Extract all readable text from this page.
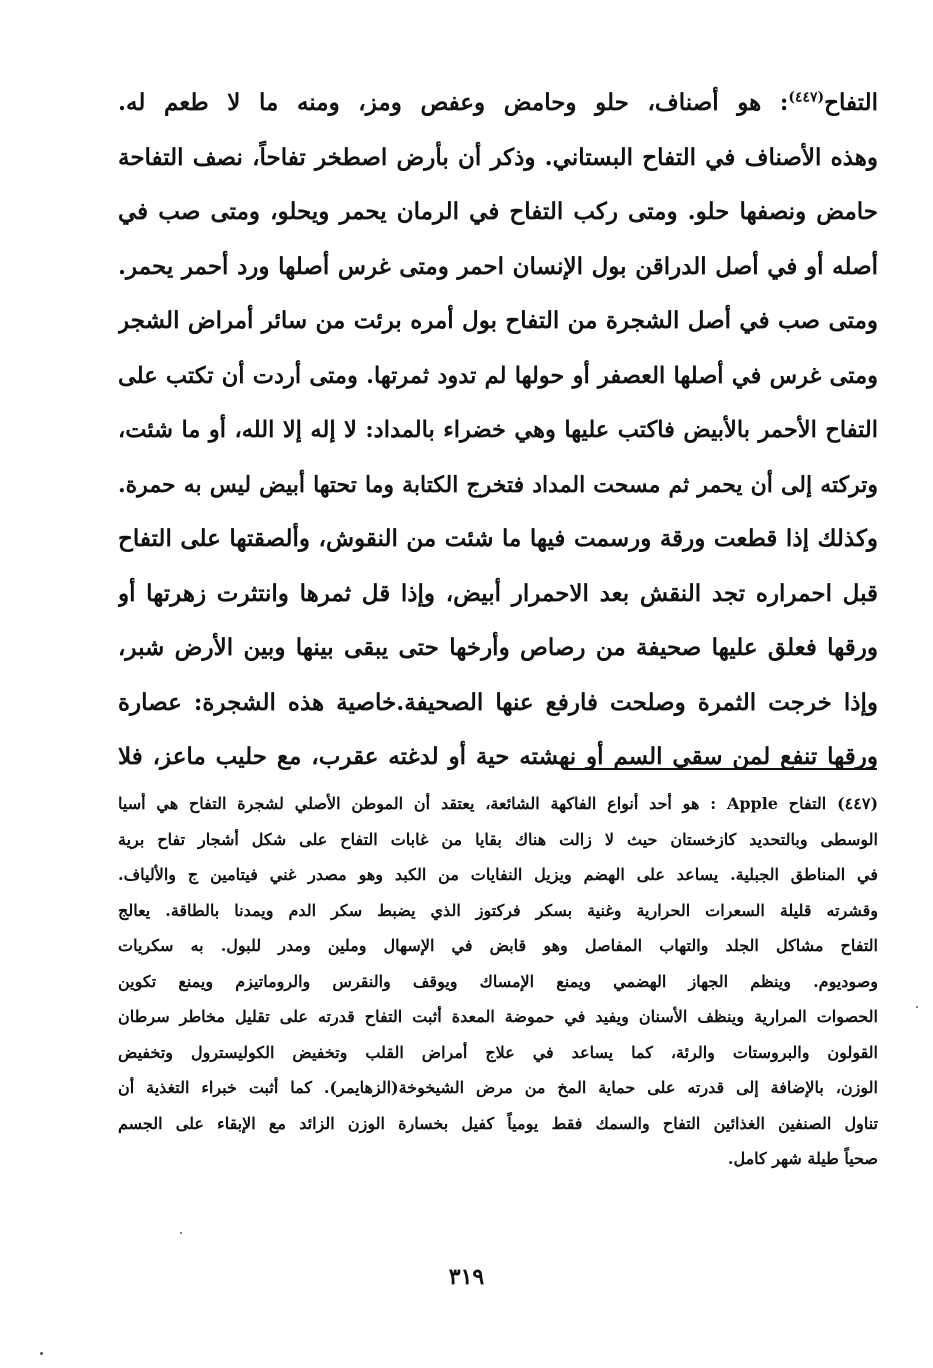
التفاح$^{(٤٤٧)}$: هو أصناف، حلو وحامض وعفص ومز، ومنه ما لا طعم له.
وهذه الأصناف في التفاح البستاني. وذكر أن بأرض اصطخر تفاحاً، نصف التفاحة
حامض ونصفها حلو. ومتى ركب التفاح في الرمان يحمر ويحلو، ومتى صب في
أصله أو في أصل الدراقن بول الإنسان احمر ومتى غرس أصلها ورد أحمر يحمر.
ومتى صب في أصل الشجرة من التفاح بول أمره برئت من سائر أمراض الشجر
ومتى غرس في أصلها العصفر أو حولها لم تدود ثمرتها. ومتى أردت أن تكتب على
التفاح الأحمر بالأبيض فاكتب عليها وهي خضراء بالمداد: لا إله إلا الله، أو ما شئت،
وتركته إلى أن يحمر ثم مسحت المداد فتخرج الكتابة وما تحتها أبيض ليس به حمرة.
وكذلك إذا قطعت ورقة ورسمت فيها ما شئت من النقوش، وألصقتها على التفاح
قبل احمراره تجد النقش بعد الاحمرار أبيض، وإذا قل ثمرها وانتثرت زهرتها أو
ورقها فعلق عليها صحيفة من رصاص وأرخها حتى يبقى بينها وبين الأرض شبر،
وإذا خرجت الثمرة وصلحت فارفع عنها الصحيفة.خاصية هذه الشجرة: عصارة
ورقها تنفع لمن سقي السم أو نهشته حية أو لدغته عقرب، مع حليب ماعز، فلا
(٤٤٧) التفاح Apple : هو أحد أنواع الفاكهة الشائعة، يعتقد أن الموطن الأصلي لشجرة التفاح هي أسيا
الوسطى وبالتحديد كازخستان حيث لا زالت هناك بقايا من غابات التفاح على شكل أشجار تفاح برية
في المناطق الجبلية. يساعد على الهضم ويزيل النفايات من الكبد وهو مصدر غني فيتامين ج والألياف.
وقشرته قليلة السعرات الحرارية وغنية بسكر فركتوز الذي يضبط سكر الدم ويمدنا بالطاقة. يعالج
التفاح مشاكل الجلد والتهاب المفاصل وهو قابض في الإسهال وملين ومدر للبول. به سكريات
وصوديوم. وينظم الجهاز الهضمي ويمنع الإمساك ويوقف والنقرس والروماتيزم ويمنع تكوين
الحصوات المرارية وينظف الأسنان ويفيد في حموضة المعدة أثبت التفاح قدرته على تقليل مخاطر سرطان
القولون والبروستات والرئة، كما يساعد في علاج أمراض القلب وتخفيض الكوليسترول وتخفيض
الوزن، بالإضافة إلى قدرته على حماية المخ من مرض الشيخوخة(الزهايمر). كما أثبت خبراء التغذية أن
تناول الصنفين الغذائين التفاح والسمك فقط يومياً كفيل بخسارة الوزن الزائد مع الإبقاء على الجسم
صحياً طيلة شهر كامل.
٣١٩
